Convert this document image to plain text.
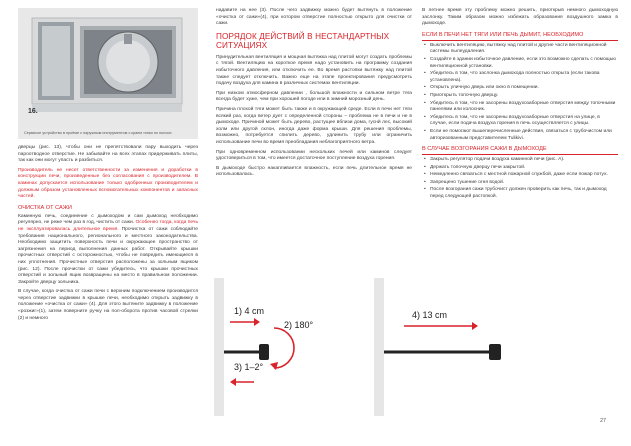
16.
Сервисое устройство в проёме с наружным инструментом с краем топки по полосе.

дверцы (рис. 13), чтобы они не препятствовали пару выходить через пароотводное отверстие. Не забывайте на всех этапах придерживать плиты, так как они могут упасть и разбиться.

Производитель не несет ответственности за изменения и доработки в конструкции печи, произведенные без согласования с производителем. В каминах допускается использование только одобренных производителем и должным образом установленных вспомогательных компонентов и запасных частей.

ОЧИСТКА ОТ САЖИ

Каминную печь, соединение с дымоходом и сам дымоход необходимо регулярно, не реже чем раз в год, чистить от сажи. Особенно тогда, когда печь не эксплуатировалась длительное время. Прочистка от сажи соблюдайте требования национального, регионального и местного законодательства. Необходимо защитить поверхность печи и окружающее пространство от загрязнения на период выполнения данных работ. Открывайте крышки прочистных отверстий с осторожностью, чтобы не повредить имеющиеся в них уплотнения. Прочистные отверстия расположены за зольным ящиком (рис. 12). После прочистки от сажи убедитесь, что крышки прочистных отверстий и зольный ящик возвращены на место в правильном положении. Закройте дверцу зольника.

В случае, когда очистка от сажи печи с верхним подключением производится через отверстие задвижки в крышке печи, необходимо открыть задвижку в положение «очистка от сажи» (4). Для этого вытяните задвижку в положение «розжиг»(1), затем поверните ручку на пол-оборота против часовой стрелки (2) и немного

надавите на нее (3). После чего задвижку можно будет вытянуть в положение «очистка от сажи»(4), при котором отверстие полностью открыто для очистки от сажи.

ПОРЯДОК ДЕЙСТВИЙ В НЕСТАНДАРТНЫХ СИТУАЦИЯХ

Принудительная вентиляция и мощная вытяжка над плитой могут создать проблемы с тягой. Вентиляцию на короткое время надо установить на программу создания избыточного давления, или отключить ее. Во время растопки вытяжку над плитой также следует отключить. Важно еще на этапе проектирования предусмотреть подачу воздуха для камина в различных системах вентиляции.

При низком атмосферном давлении , большой влажности и сильном ветре тяга всегда будет хуже, чем при хорошей погоде или в зимний морозный день.

Причина плохой тяги может быть также и в окружающей среде. Если в печи нет тяги всякий раз, когда ветер дует с определенной стороны – проблема не в печи и не в дымоходе. Причиной может быть дерево, растущее вблизи дома, гуснй лес, высокий холм или другой склон, иногда даже форма крыши. Для решения проблемы, возможно, потребуется спилить дерево, удлинить трубу или ограничить использование печи во время преобладания неблагоприятного ветра.

При одновременном использовании нескольких печей или каминов следует удостовериться в том, что имеется достаточное поступление воздуха горения.

В дымоходе быстро накапливается влажность, если печь длительное время не использовалась.

В летнее время эту проблему можно решить, приоткрыв немного дымоходную заслонку. Таким образом можно избежать образования воздушного замка в дымоходе.

ЕСЛИ В ПЕЧИ НЕТ ТЯГИ ИЛИ ПЕЧЬ ДЫМИТ, НЕОБХОДИМО
• Выключить вентиляцию, вытяжку над плитой и другие части вентиляционной системы пылеудаления.
• Создайте в здании избыточное давление, если это возможно сделать с помощью вентиляционной установки.
• Убедитесь в том, что заслонка дымохода полностью открыта (если такова установлена).
• Открыть уличную дверь или окно в помещении.
• Приоткрыть топочную дверцу.
• Убедитесь в том, что не засорены воздухозаборные отверстия между топочными панелями или колосник.
• Убедитесь в том, что не засорены воздухозаборные отверстия на улице, в случае, если подача воздуха горения в печь осуществляется с улицы.
• Если не помогают вышеперечисленные действия, связаться с трубочистом или авторизованным представителем Tulikivi.
В СЛУЧАЕ ВОЗГОРАНИЯ САЖИ В ДЫМОХОДЕ
• Закрыть регулятор подачи воздуха каминной печи (рис. А).
• Держать топочную дверцу печи закрытой.
• Немедленно связаться с местной пожарной службой, даже если пожар потух.
• Запрещено тушение огня водой.
• После возгорания сажи трубочист должен проверить как печь, так и дымоход перед следующей растопкой.
1) 4 cm
2) 180°
3) 1–2°
4) 13 cm
27
